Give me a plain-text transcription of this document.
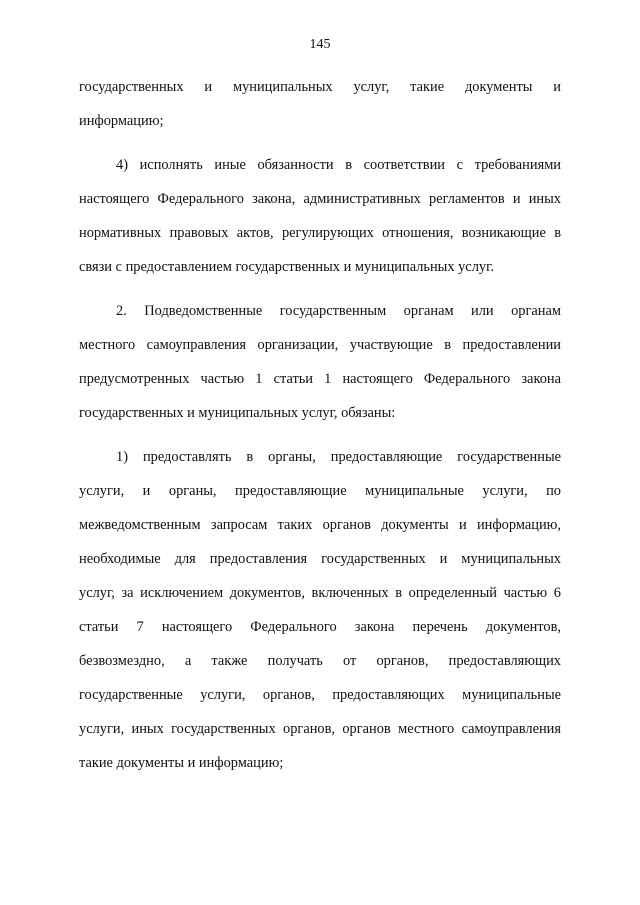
145
государственных и муниципальных услуг, такие документы и
информацию;
4) исполнять иные обязанности в соответствии с требованиями
настоящего Федерального закона, административных регламентов и иных
нормативных правовых актов, регулирующих отношения, возникающие в
связи с предоставлением государственных и муниципальных услуг.
2. Подведомственные государственным органам или органам
местного самоуправления организации, участвующие в предоставлении
предусмотренных частью 1 статьи 1 настоящего Федерального закона
государственных и муниципальных услуг, обязаны:
1) предоставлять в органы, предоставляющие государственные
услуги, и органы, предоставляющие муниципальные услуги, по
межведомственным запросам таких органов документы и информацию,
необходимые для предоставления государственных и муниципальных
услуг, за исключением документов, включенных в определенный частью 6
статьи 7 настоящего Федерального закона перечень документов,
безвозмездно, а также получать от органов, предоставляющих
государственные услуги, органов, предоставляющих муниципальные
услуги, иных государственных органов, органов местного самоуправления
такие документы и информацию;
